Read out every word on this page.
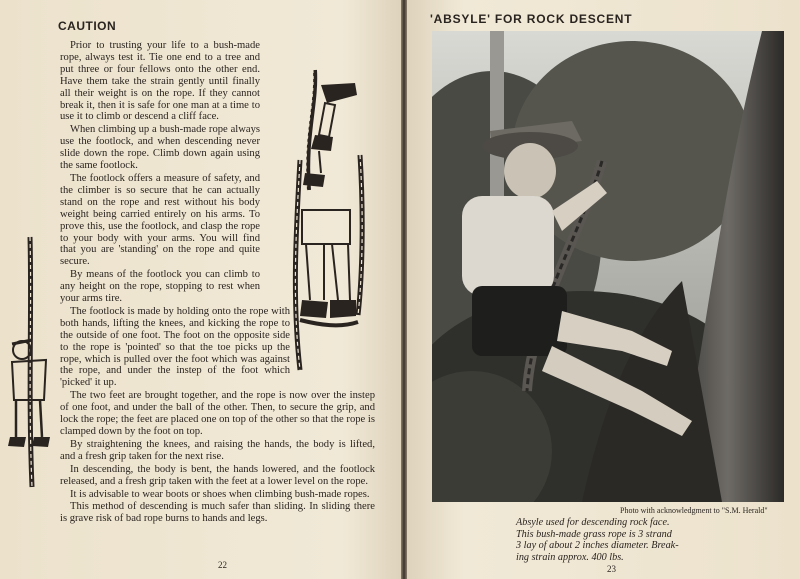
CAUTION

Prior to trusting your life to a bush-made rope, always test it. Tie one end to a tree and put three or four fellows onto the other end. Have them take the strain gently until finally all their weight is on the rope. If they cannot break it, then it is safe for one man at a time to use it to climb or descend a cliff face.

When climbing up a bush-made rope always use the footlock, and when descending never slide down the rope. Climb down again using the same footlock.

The footlock offers a measure of safety, and the climber is so secure that he can actually stand on the rope and rest without his body weight being carried entirely on his arms. To prove this, use the footlock, and clasp the rope to your body with your arms. You will find that you are 'standing' on the rope and quite secure.

By means of the footlock you can climb to any height on the rope, stopping to rest when your arms tire.

The footlock is made by holding onto the rope with both hands, lifting the knees, and kicking the rope to the outside of one foot. The foot on the opposite side to the rope is 'pointed' so that the toe picks up the rope, which is pulled over the foot which was against the rope, and under the instep of the foot which 'picked' it up.

The two feet are brought together, and the rope is now over the instep of one foot, and under the ball of the other. Then, to secure the grip, and lock the rope; the feet are placed one on top of the other so that the rope is clamped down by the foot on top.

By straightening the knees, and raising the hands, the body is lifted, and a fresh grip taken for the next rise.

In descending, the body is bent, the hands lowered, and the footlock released, and a fresh grip taken with the feet at a lower level on the rope.

It is advisable to wear boots or shoes when climbing bush-made ropes.

This method of descending is much safer than sliding. In sliding there is grave risk of bad rope burns to hands and legs.

22
'ABSYLE' FOR ROCK DESCENT
Photo with acknowledgment to "S.M. Herald"
Absyle used for descending rock face.
This bush-made grass rope is 3 strand
3 lay of about 2 inches diameter. Break-
ing strain approx. 400 lbs.
23
